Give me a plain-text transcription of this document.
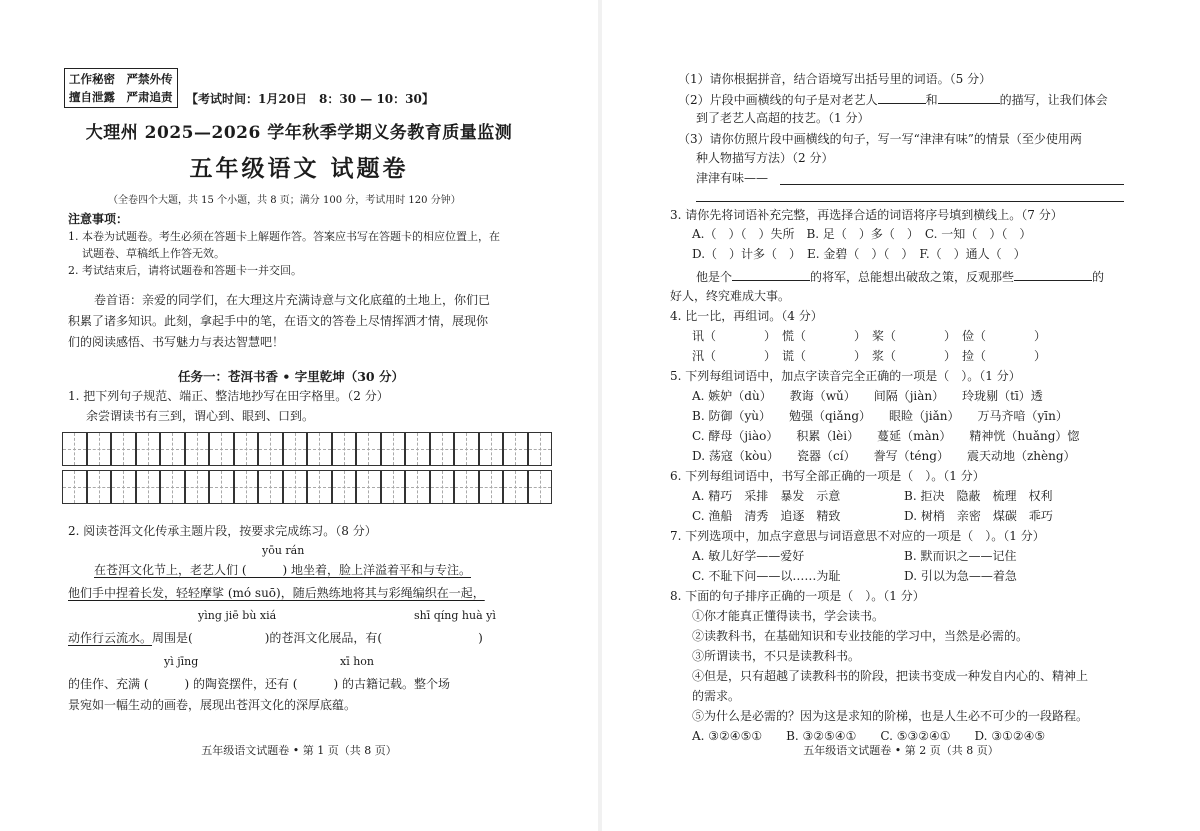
工作秘密　严禁外传
擅自泄露　严肃追责 【考试时间：1月20日　8：30 — 10：30】
大理州 2025—2026 学年秋季学期义务教育质量监测
五年级语文 试题卷
（全卷四个大题，共 15 个小题，共 8 页；满分 100 分，考试用时 120 分钟）
注意事项：
1. 本卷为试题卷。考生必须在答题卡上解题作答。答案应书写在答题卡的相应位置上，在
试题卷、草稿纸上作答无效。
2. 考试结束后，请将试题卷和答题卡一并交回。
卷首语：亲爱的同学们，在大理这片充满诗意与文化底蕴的土地上，你们已
积累了诸多知识。此刻，拿起手中的笔，在语文的答卷上尽情挥洒才情，展现你
们的阅读感悟、书写魅力与表达智慧吧！
任务一：苍洱书香 • 字里乾坤（30 分）
1. 把下列句子规范、端正、整洁地抄写在田字格里。（2 分）
余尝谓读书有三到，谓心到、眼到、口到。
2. 阅读苍洱文化传承主题片段，按要求完成练习。（8 分）
yōu rán
在苍洱文化节上，老艺人们 (　　　) 地坐着，脸上洋溢着平和与专注。
他们手中捏着长发，轻轻摩挲 (mó suō)，随后熟练地将其与彩绳编织在一起，
yìng jiē bù xiá	shī qíng huà yì
动作行云流水。周围是(　　　　　　)的苍洱文化展品，有(　　　　　　　　)
yì jīng	xī hon
的佳作、充满 (　　　) 的陶瓷摆件，还有 (　　　) 的古籍记载。整个场
景宛如一幅生动的画卷，展现出苍洱文化的深厚底蕴。
五年级语文试题卷 • 第 1 页（共 8 页）
（1）请你根据拼音，结合语境写出括号里的词语。（5 分）
（2）片段中画横线的句子是对老艺人	和	的描写，让我们体会
到了老艺人高超的技艺。（1 分）
（3）请你仿照片段中画横线的句子，写一写“津津有味”的情景（至少使用两
种人物描写方法）（2 分）
津津有味——
3. 请你先将词语补充完整，再选择合适的词语将序号填到横线上。（7 分）
A.（　）（　）失所　B. 足（　）多（　）　C. 一知（　）（　）
D.（　）计多（　）　E. 金碧（　）（　）　F.（　）通人（　）
他是个	的将军，总能想出破敌之策，反观那些	的
好人，终究难成大事。
4. 比一比，再组词。（4 分）
讯（　　　　）　慌（　　　　）　桨（　　　　）　俭（　　　　）
汛（　　　　）　谎（　　　　）　浆（　　　　）　捡（　　　　）
5. 下列每组词语中，加点字读音完全正确的一项是（　）。（1 分）
A. 嫉妒（dù）　　教诲（wǔ）　　间隔（jiàn）　　玲珑剔（tī）透
B. 防御（yù）　　勉强（qiǎng）　　眼睑（jiǎn）　　万马齐喑（yīn）
C. 酵母（jiào）　　积累（lèi）　　蔓延（màn）　　精神恍（huǎng）惚
D. 荡寇（kòu）　　瓷器（cí）　　誊写（téng）　　震天动地（zhèng）
6. 下列每组词语中，书写全部正确的一项是（　）。（1 分）
A. 精巧　采排　暴发　示意	B. 拒决　隐蔽　梳理　权利
C. 渔船　清秀　追逐　精致	D. 树梢　亲密　煤碳　乖巧
7. 下列选项中，加点字意思与词语意思不对应的一项是（　）。（1 分）
A. 敏儿好学——爱好	B. 默而识之——记住
C. 不耻下问——以……为耻	D. 引以为急——着急
8. 下面的句子排序正确的一项是（　）。（1 分）
①你才能真正懂得读书，学会读书。
②读教科书，在基础知识和专业技能的学习中，当然是必需的。
③所谓读书，不只是读教科书。
④但是，只有超越了读教科书的阶段，把读书变成一种发自内心的、精神上
的需求。
⑤为什么是必需的？因为这是求知的阶梯，也是人生必不可少的一段路程。
A. ③②④⑤①　　B. ③②⑤④①　　C. ⑤③②④①　　D. ③①②④⑤
五年级语文试题卷 • 第 2 页（共 8 页）
